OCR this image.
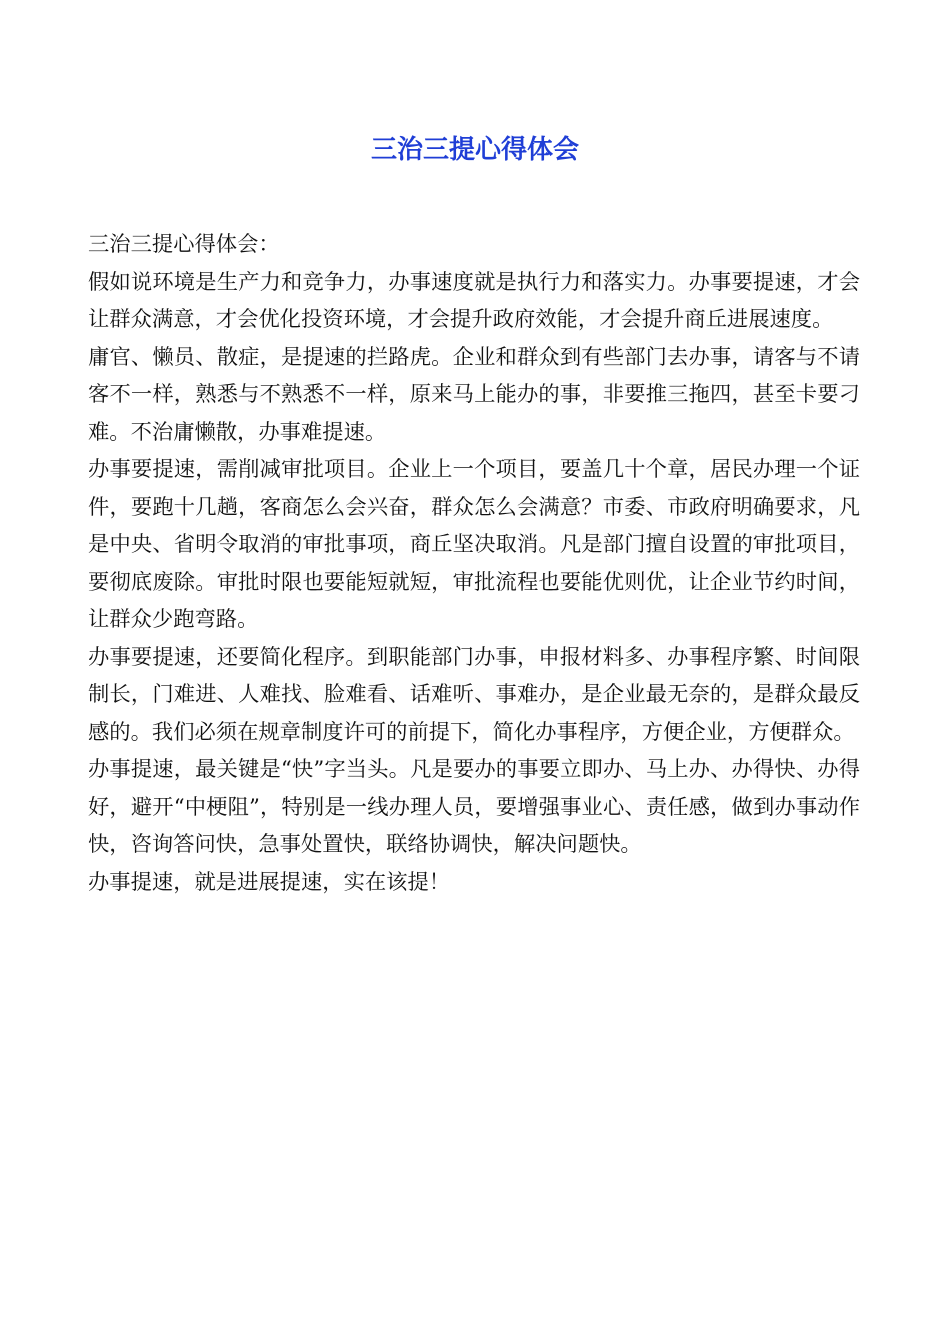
三治三提心得体会

三治三提心得体会：

假如说环境是生产力和竞争力，办事速度就是执行力和落实力。办事要提速，才会让群众满意，才会优化投资环境，才会提升政府效能，才会提升商丘进展速度。

庸官、懒员、散症，是提速的拦路虎。企业和群众到有些部门去办事，请客与不请客不一样，熟悉与不熟悉不一样，原来马上能办的事，非要推三拖四，甚至卡要刁难。不治庸懒散，办事难提速。

办事要提速，需削减审批项目。企业上一个项目，要盖几十个章，居民办理一个证件，要跑十几趟，客商怎么会兴奋，群众怎么会满意？市委、市政府明确要求，凡是中央、省明令取消的审批事项，商丘坚决取消。凡是部门擅自设置的审批项目，要彻底废除。审批时限也要能短就短，审批流程也要能优则优，让企业节约时间，让群众少跑弯路。

办事要提速，还要简化程序。到职能部门办事，申报材料多、办事程序繁、时间限制长，门难进、人难找、脸难看、话难听、事难办，是企业最无奈的，是群众最反感的。我们必须在规章制度许可的前提下，简化办事程序，方便企业，方便群众。

办事提速，最关键是“快”字当头。凡是要办的事要立即办、马上办、办得快、办得好，避开“中梗阻”，特别是一线办理人员，要增强事业心、责任感，做到办事动作快，咨询答问快，急事处置快，联络协调快，解决问题快。

办事提速，就是进展提速，实在该提！
